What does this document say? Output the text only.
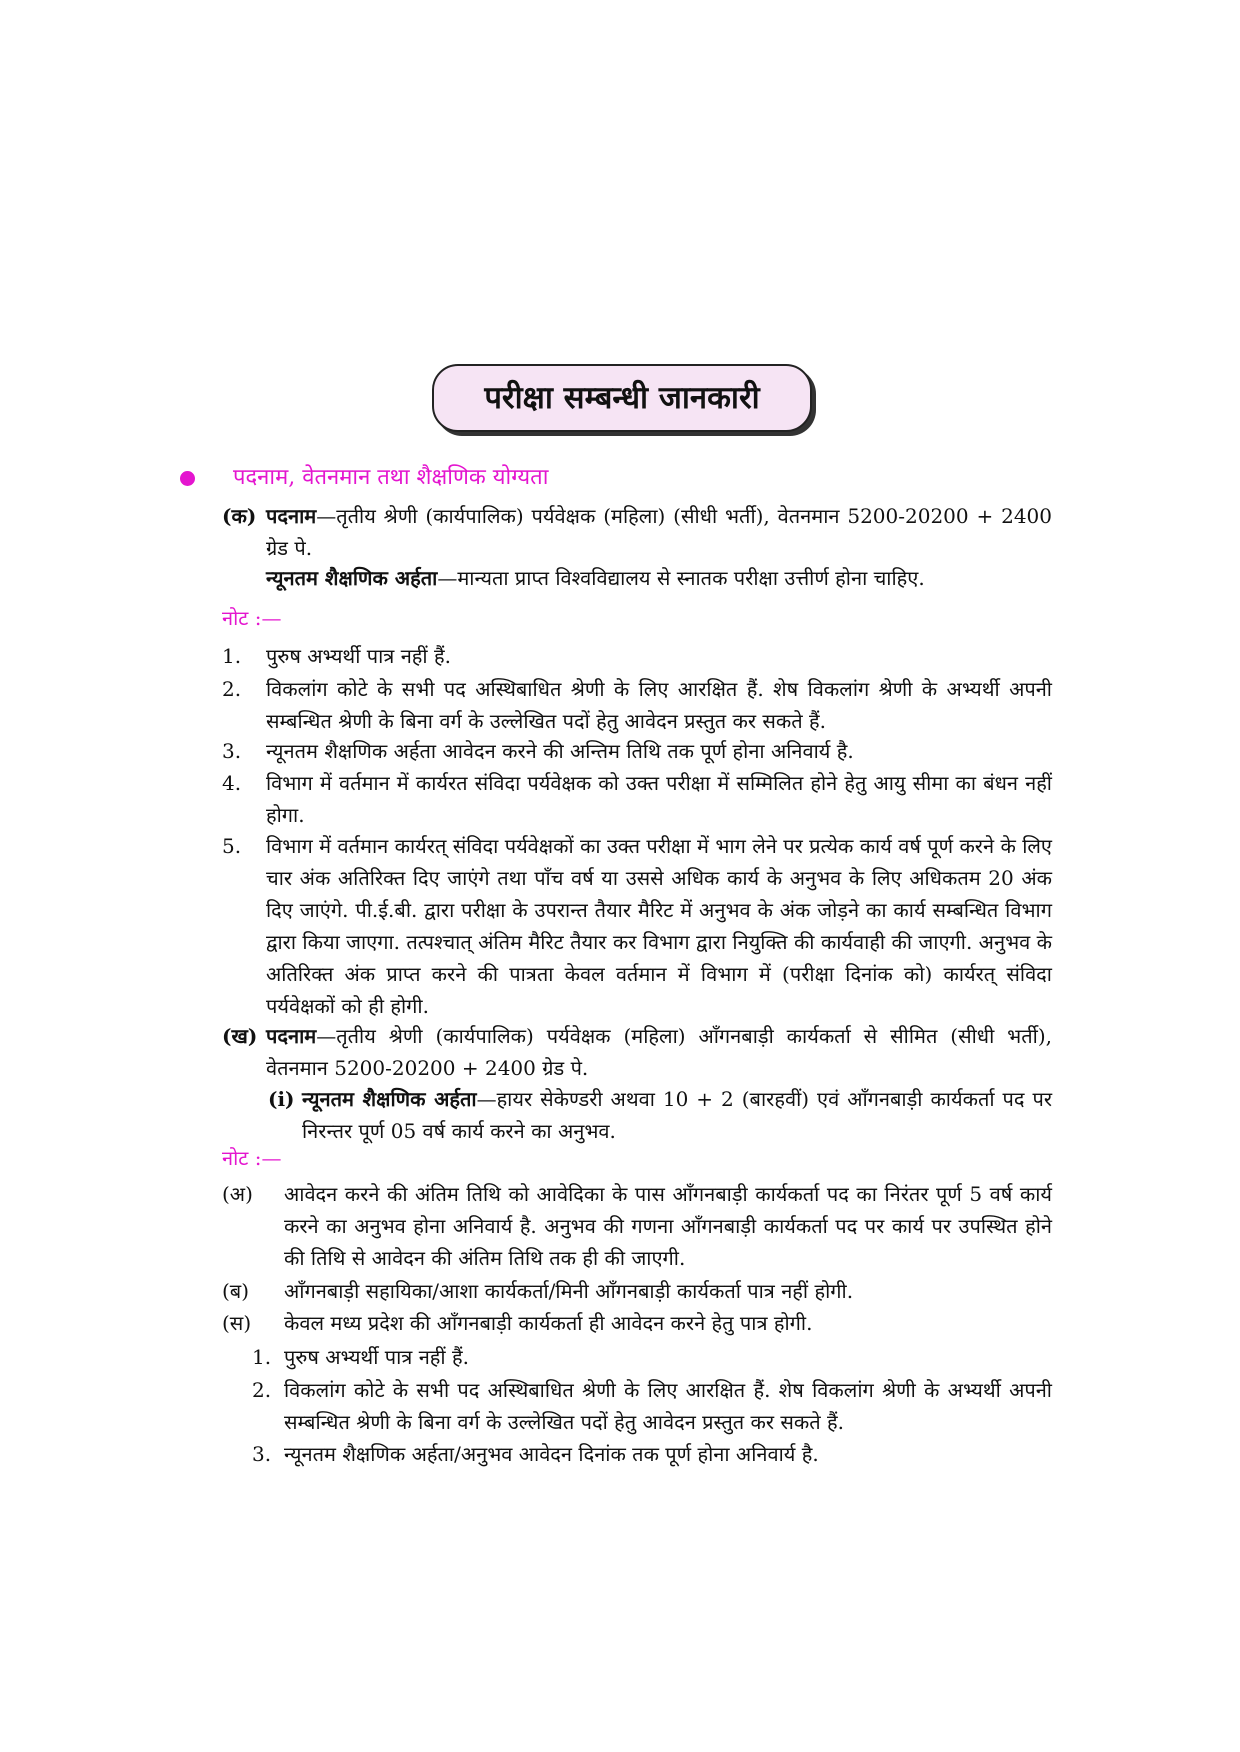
परीक्षा सम्बन्धी जानकारी
पदनाम, वेतनमान तथा शैक्षणिक योग्यता
(क) पदनाम—तृतीय श्रेणी (कार्यपालिक) पर्यवेक्षक (महिला) (सीधी भर्ती), वेतनमान 5200-20200 + 2400 ग्रेड पे.
न्यूनतम शैक्षणिक अर्हता—मान्यता प्राप्त विश्वविद्यालय से स्नातक परीक्षा उत्तीर्ण होना चाहिए.
नोट :—
1. पुरुष अभ्यर्थी पात्र नहीं हैं.
2. विकलांग कोटे के सभी पद अस्थिबाधित श्रेणी के लिए आरक्षित हैं. शेष विकलांग श्रेणी के अभ्यर्थी अपनी सम्बन्धित श्रेणी के बिना वर्ग के उल्लेखित पदों हेतु आवेदन प्रस्तुत कर सकते हैं.
3. न्यूनतम शैक्षणिक अर्हता आवेदन करने की अन्तिम तिथि तक पूर्ण होना अनिवार्य है.
4. विभाग में वर्तमान में कार्यरत संविदा पर्यवेक्षक को उक्त परीक्षा में सम्मिलित होने हेतु आयु सीमा का बंधन नहीं होगा.
5. विभाग में वर्तमान कार्यरत् संविदा पर्यवेक्षकों का उक्त परीक्षा में भाग लेने पर प्रत्येक कार्य वर्ष पूर्ण करने के लिए चार अंक अतिरिक्त दिए जाएंगे तथा पाँच वर्ष या उससे अधिक कार्य के अनुभव के लिए अधिकतम 20 अंक दिए जाएंगे. पी.ई.बी. द्वारा परीक्षा के उपरान्त तैयार मैरिट में अनुभव के अंक जोड़ने का कार्य सम्बन्धित विभाग द्वारा किया जाएगा. तत्पश्चात् अंतिम मैरिट तैयार कर विभाग द्वारा नियुक्ति की कार्यवाही की जाएगी. अनुभव के अतिरिक्त अंक प्राप्त करने की पात्रता केवल वर्तमान में विभाग में (परीक्षा दिनांक को) कार्यरत् संविदा पर्यवेक्षकों को ही होगी.
(ख) पदनाम—तृतीय श्रेणी (कार्यपालिक) पर्यवेक्षक (महिला) आँगनबाड़ी कार्यकर्ता से सीमित (सीधी भर्ती), वेतनमान 5200-20200 + 2400 ग्रेड पे.
(i) न्यूनतम शैक्षणिक अर्हता—हायर सेकेण्डरी अथवा 10 + 2 (बारहवीं) एवं आँगनबाड़ी कार्यकर्ता पद पर निरन्तर पूर्ण 05 वर्ष कार्य करने का अनुभव.
नोट :—
(अ) आवेदन करने की अंतिम तिथि को आवेदिका के पास आँगनबाड़ी कार्यकर्ता पद का निरंतर पूर्ण 5 वर्ष कार्य करने का अनुभव होना अनिवार्य है. अनुभव की गणना आँगनबाड़ी कार्यकर्ता पद पर कार्य पर उपस्थित होने की तिथि से आवेदन की अंतिम तिथि तक ही की जाएगी.
(ब) आँगनबाड़ी सहायिका/आशा कार्यकर्ता/मिनी आँगनबाड़ी कार्यकर्ता पात्र नहीं होगी.
(स) केवल मध्य प्रदेश की आँगनबाड़ी कार्यकर्ता ही आवेदन करने हेतु पात्र होगी.
1. पुरुष अभ्यर्थी पात्र नहीं हैं.
2. विकलांग कोटे के सभी पद अस्थिबाधित श्रेणी के लिए आरक्षित हैं. शेष विकलांग श्रेणी के अभ्यर्थी अपनी सम्बन्धित श्रेणी के बिना वर्ग के उल्लेखित पदों हेतु आवेदन प्रस्तुत कर सकते हैं.
3. न्यूनतम शैक्षणिक अर्हता/अनुभव आवेदन दिनांक तक पूर्ण होना अनिवार्य है.
